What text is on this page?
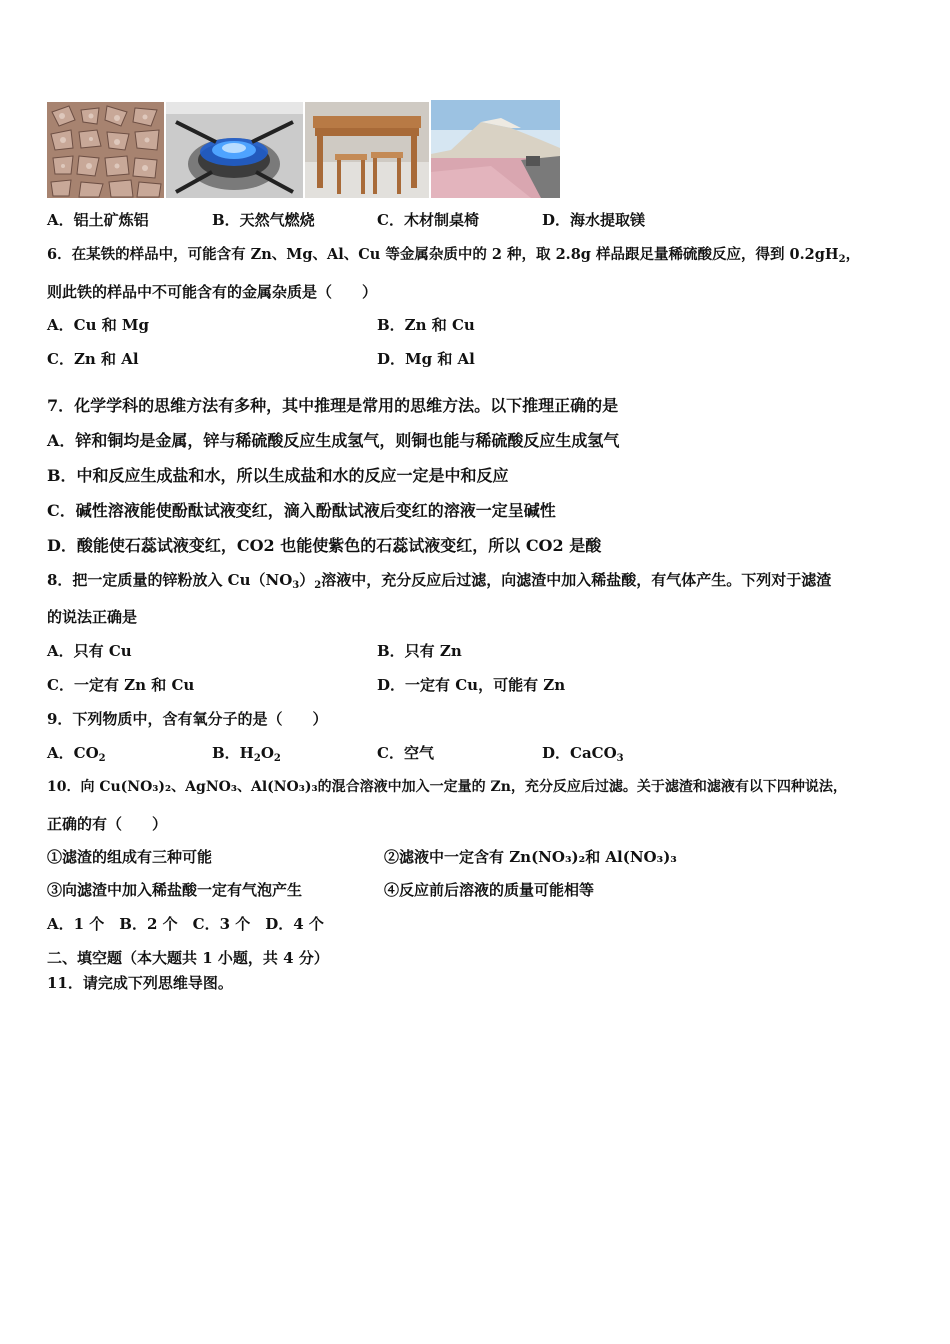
A．铝土矿炼铝	B．天然气燃烧	C．木材制桌椅	D．海水提取镁
6．在某铁的样品中，可能含有 Zn、Mg、Al、Cu 等金属杂质中的 2 种，取 2.8g 样品跟足量稀硫酸反应，得到 $0.2gH_2$，
则此铁的样品中不可能含有的金属杂质是（　　）
A．Cu 和 Mg	B．Zn 和 Cu
C．Zn 和 Al	D．Mg 和 Al
7．化学学科的思维方法有多种，其中推理是常用的思维方法。以下推理正确的是
A．锌和铜均是金属，锌与稀硫酸反应生成氢气，则铜也能与稀硫酸反应生成氢气
B．中和反应生成盐和水，所以生成盐和水的反应一定是中和反应
C．碱性溶液能使酚酞试液变红，滴入酚酞试液后变红的溶液一定呈碱性
D．酸能使石蕊试液变红，CO2 也能使紫色的石蕊试液变红，所以 CO2 是酸
8．把一定质量的锌粉放入 $Cu(NO_3)_2$溶液中，充分反应后过滤，向滤渣中加入稀盐酸，有气体产生。下列对于滤渣
的说法正确是
A．只有 Cu	B．只有 Zn
C．一定有 Zn 和 Cu	D．一定有 Cu，可能有 Zn
9．下列物质中，含有氧分子的是（　　）
A．$CO_2$	B．$H_2O_2$	C．空气	D．CaCO$_3$
10．向 Cu(NO₃)₂、AgNO₃、Al(NO₃)₃的混合溶液中加入一定量的 Zn，充分反应后过滤。关于滤渣和滤液有以下四种说法，
正确的有（　　）
①滤渣的组成有三种可能	②滤液中一定含有 Zn(NO₃)₂和 Al(NO₃)₃
③向滤渣中加入稀盐酸一定有气泡产生	④反应前后溶液的质量可能相等
A．1 个　B．2 个　C．3 个　D．4 个
二、填空题（本大题共 1 小题，共 4 分）
11．请完成下列思维导图。
